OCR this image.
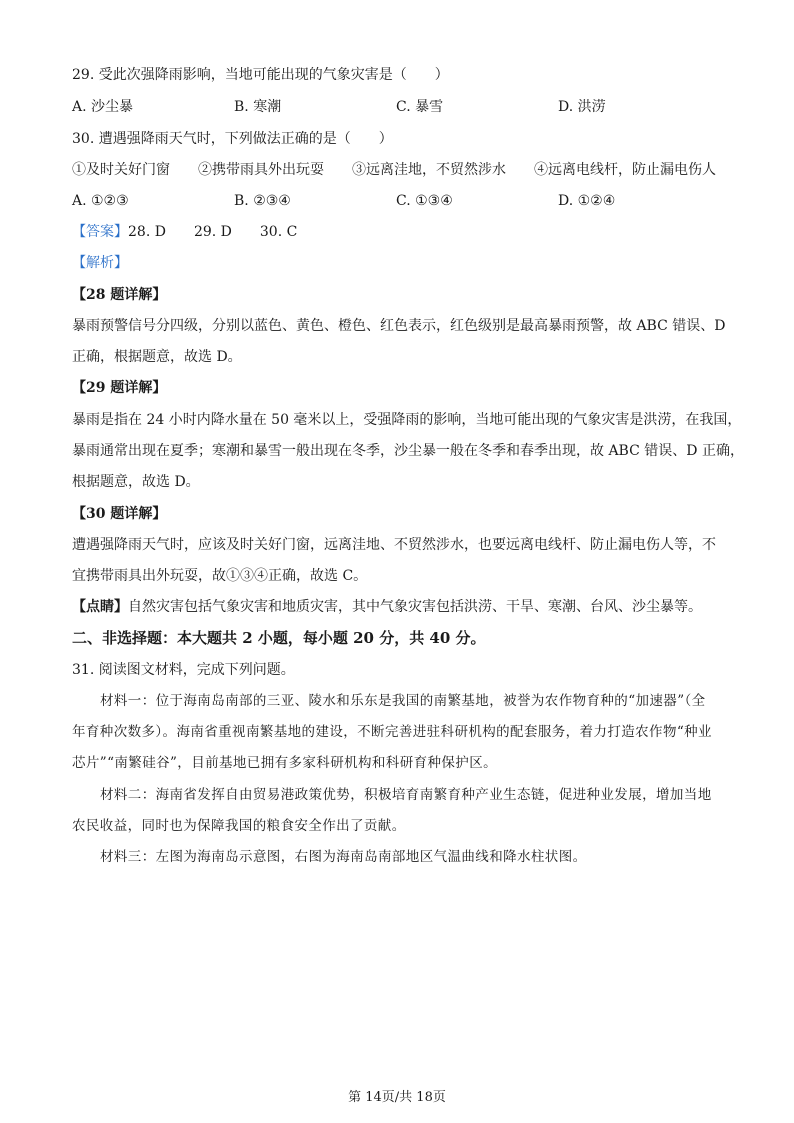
29. 受此次强降雨影响，当地可能出现的气象灾害是（　　）
A. 沙尘暴	B. 寒潮	C. 暴雪	D. 洪涝
30. 遭遇强降雨天气时，下列做法正确的是（　　）
①及时关好门窗　　②携带雨具外出玩耍　　③远离洼地，不贸然涉水　　④远离电线杆，防止漏电伤人
A. ①②③	B. ②③④	C. ①③④	D. ①②④
【答案】28. D　　29. D　　30. C
【解析】
【28 题详解】
暴雨预警信号分四级，分别以蓝色、黄色、橙色、红色表示，红色级别是最高暴雨预警，故 ABC 错误、D
正确，根据题意，故选 D。
【29 题详解】
暴雨是指在 24 小时内降水量在 50 毫米以上，受强降雨的影响，当地可能出现的气象灾害是洪涝，在我国，
暴雨通常出现在夏季；寒潮和暴雪一般出现在冬季，沙尘暴一般在冬季和春季出现，故 ABC 错误、D 正确，
根据题意，故选 D。
【30 题详解】
遭遇强降雨天气时，应该及时关好门窗，远离洼地、不贸然涉水，也要远离电线杆、防止漏电伤人等，不
宜携带雨具出外玩耍，故①③④正确，故选 C。
【点睛】自然灾害包括气象灾害和地质灾害，其中气象灾害包括洪涝、干旱、寒潮、台风、沙尘暴等。
二、非选择题：本大题共 2 小题，每小题 20 分，共 40 分。
31. 阅读图文材料，完成下列问题。
材料一：位于海南岛南部的三亚、陵水和乐东是我国的南繁基地，被誉为农作物育种的“加速器”（全
年育种次数多）。海南省重视南繁基地的建设，不断完善进驻科研机构的配套服务，着力打造农作物“种业
芯片”“南繁硅谷”，目前基地已拥有多家科研机构和科研育种保护区。
材料二：海南省发挥自由贸易港政策优势，积极培育南繁育种产业生态链，促进种业发展，增加当地
农民收益，同时也为保障我国的粮食安全作出了贡献。
材料三：左图为海南岛示意图，右图为海南岛南部地区气温曲线和降水柱状图。
第 14页/共 18页
